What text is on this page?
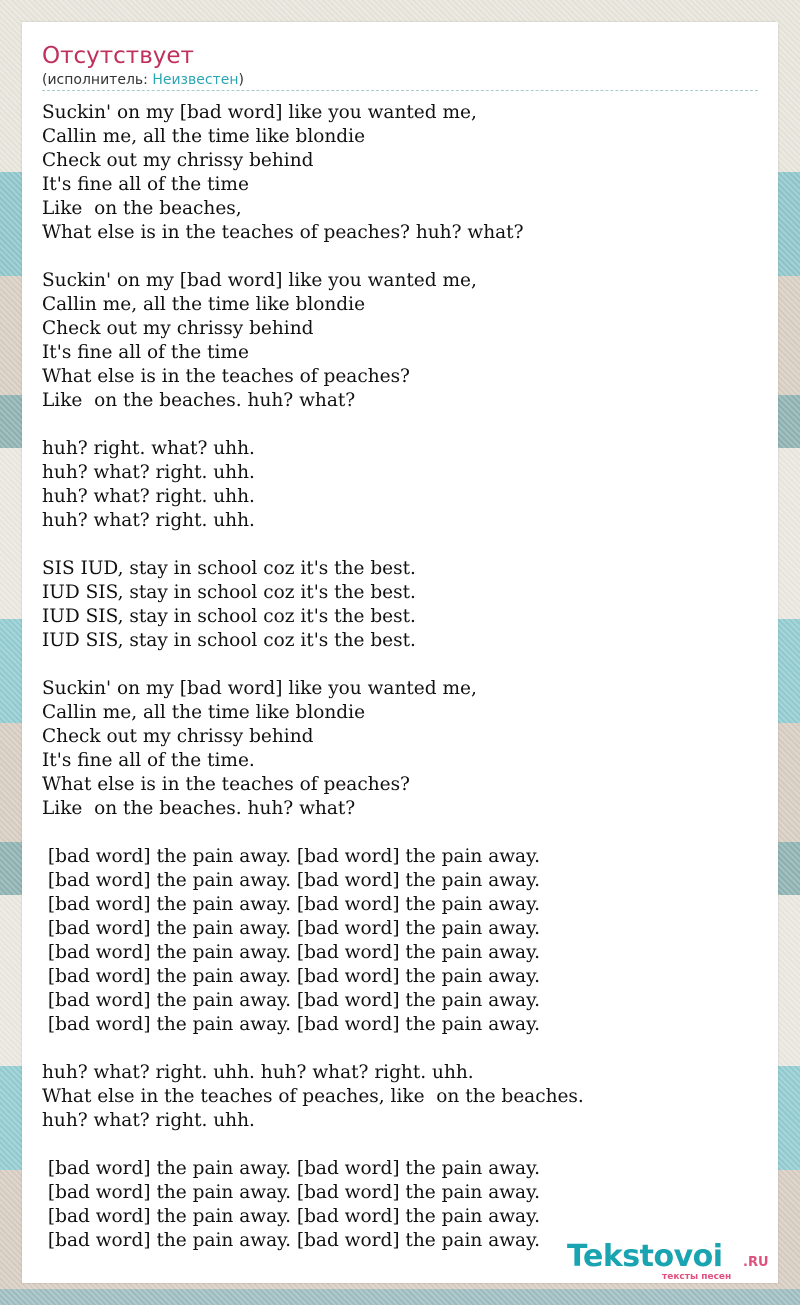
Отсутствует
(исполнитель: Неизвестен)
Suckin' on my [bad word] like you wanted me,
Callin me, all the time like blondie
Check out my chrissy behind
It's fine all of the time
Like  on the beaches,
What else is in the teaches of peaches? huh? what?

Suckin' on my [bad word] like you wanted me,
Callin me, all the time like blondie
Check out my chrissy behind
It's fine all of the time
What else is in the teaches of peaches?
Like  on the beaches. huh? what?

huh? right. what? uhh.
huh? what? right. uhh.
huh? what? right. uhh.
huh? what? right. uhh.

SIS IUD, stay in school coz it's the best.
IUD SIS, stay in school coz it's the best.
IUD SIS, stay in school coz it's the best.
IUD SIS, stay in school coz it's the best.

Suckin' on my [bad word] like you wanted me,
Callin me, all the time like blondie
Check out my chrissy behind
It's fine all of the time.
What else is in the teaches of peaches?
Like  on the beaches. huh? what?

[bad word] the pain away. [bad word] the pain away.
[bad word] the pain away. [bad word] the pain away.
[bad word] the pain away. [bad word] the pain away.
[bad word] the pain away. [bad word] the pain away.
[bad word] the pain away. [bad word] the pain away.
[bad word] the pain away. [bad word] the pain away.
[bad word] the pain away. [bad word] the pain away.
[bad word] the pain away. [bad word] the pain away.

huh? what? right. uhh. huh? what? right. uhh.
What else in the teaches of peaches, like  on the beaches.
huh? what? right. uhh.

[bad word] the pain away. [bad word] the pain away.
[bad word] the pain away. [bad word] the pain away.
[bad word] the pain away. [bad word] the pain away.
[bad word] the pain away. [bad word] the pain away. Tekstovoi .RU
тексты песен
